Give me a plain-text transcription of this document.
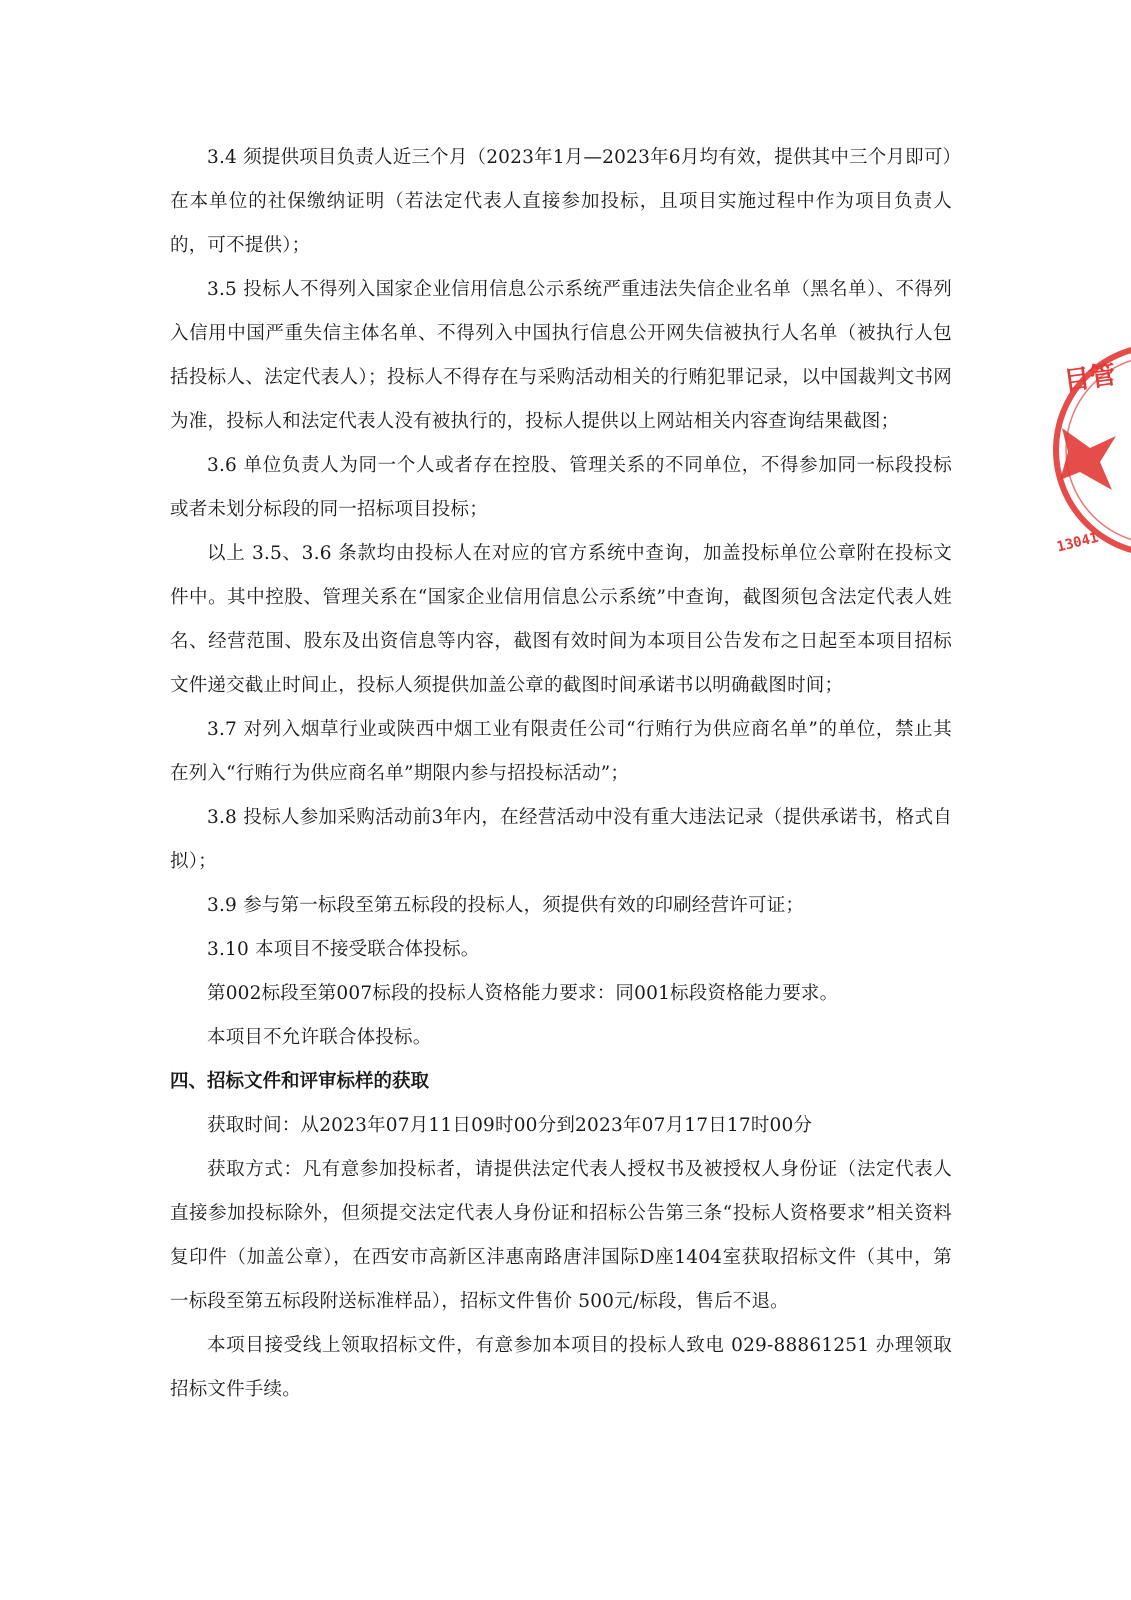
3.4 须提供项目负责人近三个月（2023年1月—2023年6月均有效，提供其中三个月即可）在本单位的社保缴纳证明（若法定代表人直接参加投标，且项目实施过程中作为项目负责人的，可不提供）；

3.5 投标人不得列入国家企业信用信息公示系统严重违法失信企业名单（黑名单）、不得列入信用中国严重失信主体名单、不得列入中国执行信息公开网失信被执行人名单（被执行人包括投标人、法定代表人）；投标人不得存在与采购活动相关的行贿犯罪记录，以中国裁判文书网为准，投标人和法定代表人没有被执行的，投标人提供以上网站相关内容查询结果截图；

3.6 单位负责人为同一个人或者存在控股、管理关系的不同单位，不得参加同一标段投标或者未划分标段的同一招标项目投标；

以上 3.5、3.6 条款均由投标人在对应的官方系统中查询，加盖投标单位公章附在投标文件中。其中控股、管理关系在“国家企业信用信息公示系统”中查询，截图须包含法定代表人姓名、经营范围、股东及出资信息等内容，截图有效时间为本项目公告发布之日起至本项目招标文件递交截止时间止，投标人须提供加盖公章的截图时间承诺书以明确截图时间；

3.7 对列入烟草行业或陕西中烟工业有限责任公司“行贿行为供应商名单”的单位，禁止其在列入“行贿行为供应商名单”期限内参与招投标活动”；

3.8 投标人参加采购活动前3年内，在经营活动中没有重大违法记录（提供承诺书，格式自拟）；

3.9 参与第一标段至第五标段的投标人，须提供有效的印刷经营许可证；

3.10 本项目不接受联合体投标。

第002标段至第007标段的投标人资格能力要求：同001标段资格能力要求。

本项目不允许联合体投标。

四、招标文件和评审标样的获取

获取时间：从2023年07月11日09时00分到2023年07月17日17时00分

获取方式：凡有意参加投标者，请提供法定代表人授权书及被授权人身份证（法定代表人直接参加投标除外，但须提交法定代表人身份证和招标公告第三条“投标人资格要求”相关资料复印件（加盖公章），在西安市高新区沣惠南路唐沣国际D座1404室获取招标文件（其中，第一标段至第五标段附送标准样品），招标文件售价 500元/标段，售后不退。

本项目接受线上领取招标文件，有意参加本项目的投标人致电 029-88861251 办理领取招标文件手续。

目管
13041
